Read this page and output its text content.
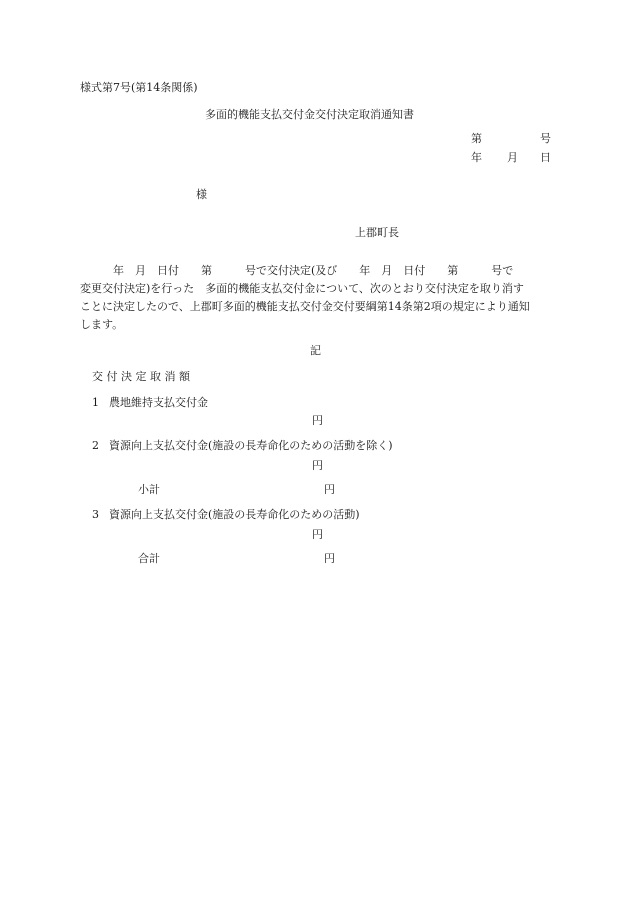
様式第7号(第14条関係)
多面的機能支払交付金交付決定取消通知書
第	号
年 月 日
様
上郡町長
　　　年　月　日付　　第　　　号で交付決定(及び　　年　月　日付　　第　　　号で
変更交付決定)を行った　多面的機能支払交付金について、次のとおり交付決定を取り消す
ことに決定したので、上郡町多面的機能支払交付金交付要綱第14条第2項の規定により通知
します。
記
交 付 決 定 取 消 額
1 農地維持支払交付金
円
2 資源向上支払交付金(施設の長寿命化のための活動を除く)
円
小計	円
3 資源向上支払交付金(施設の長寿命化のための活動)
円
合計	円
